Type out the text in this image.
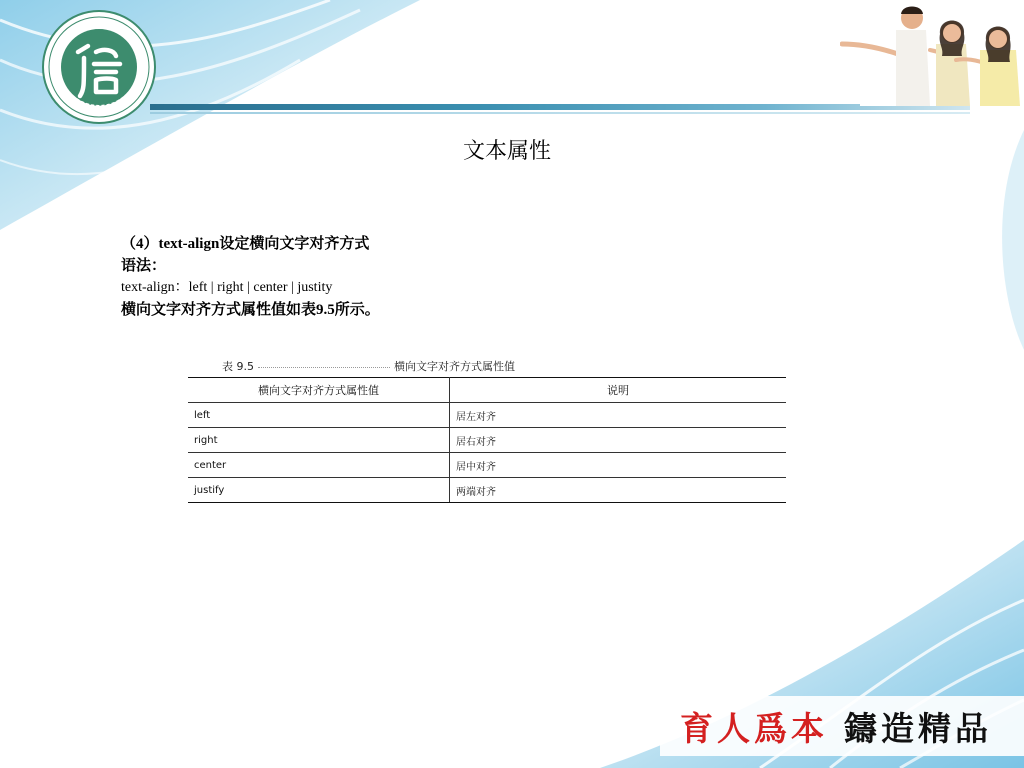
文本属性
（4）text-align设定横向文字对齐方式
语法：
text-align：left | right | center | justity
横向文字对齐方式属性值如表9.5所示。
表 9.5	横向文字对齐方式属性值
横向文字对齐方式属性值	说明
left	居左对齐
right	居右对齐
center	居中对齐
justify	两端对齐
育人爲本 鑄造精品
